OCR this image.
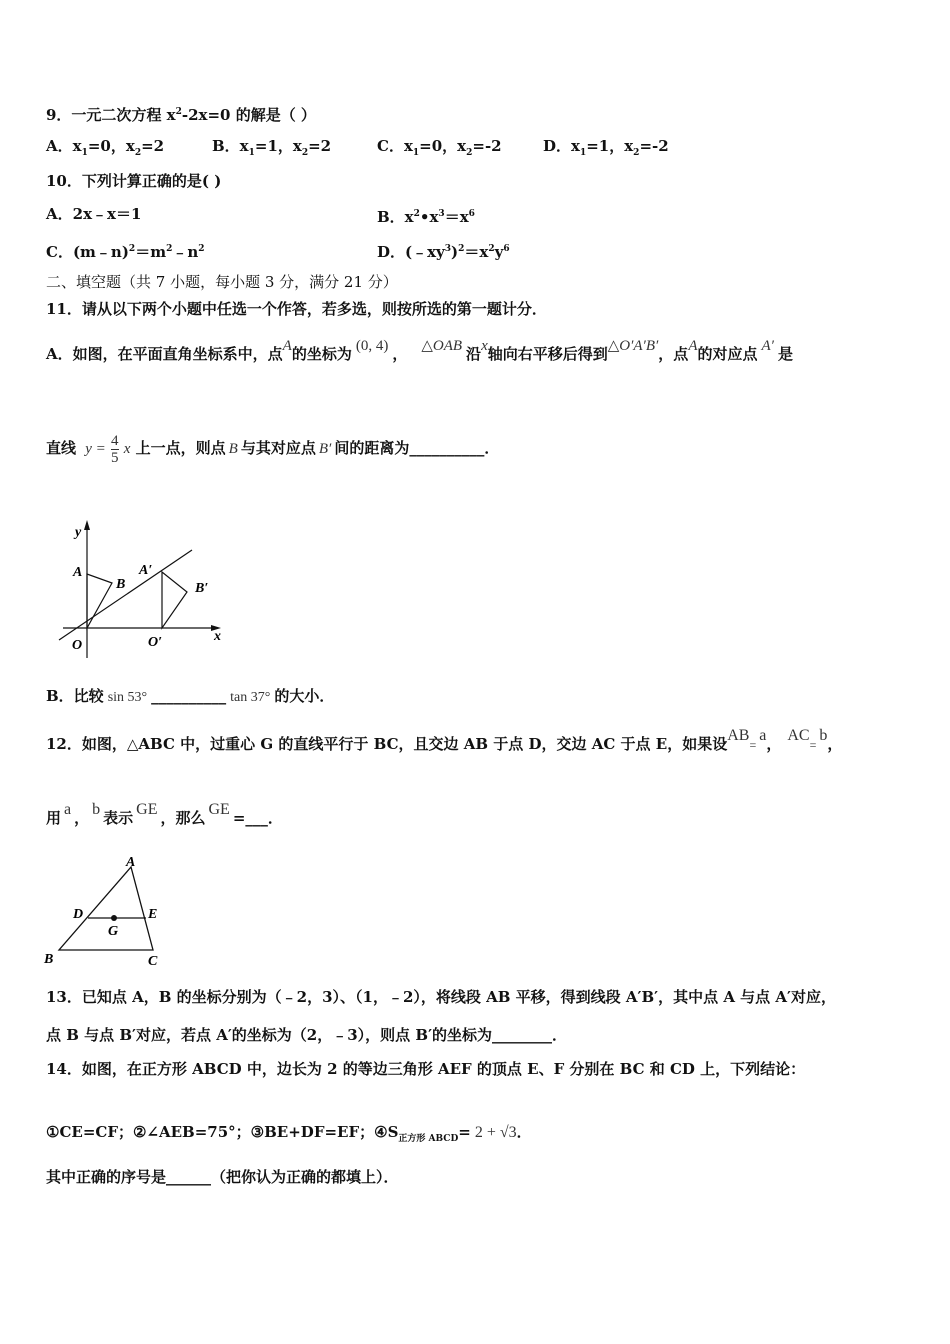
9．一元二次方程 $x^2-2x=0$ 的解是（ ）
A．$x_1=0$，$x_2=2$	B．$x_1=1$，$x_2=2$	C．$x_1=0$，$x_2=-2$	D．$x_1=1$，$x_2=-2$
10．下列计算正确的是( )
A．2x﹣x＝1	B．$x^2•x^3=x^6$
C．$(m﹣n)^2=m^2﹣n^2$	D．$(﹣xy^3)^2=x^2y^6$
二、填空题（共 7 小题，每小题 3 分，满分 21 分）
11．请从以下两个小题中任选一个作答，若多选，则按所选的第一题计分．
A．如图，在平面直角坐标系中，点A的坐标为 (0, 4) ， △OAB 沿x轴向右平移后得到△O′A′B′，点A的对应点 A′ 是
直线 $y = \frac{4}{5}$ x 上一点，则点 B 与其对应点 B′ 间的距离为__________．
y
x
A
B
O
A′
B′
O′
B．比较 sin 53° __________ tan 37° 的大小．
12．如图，△ABC 中，过重心 G 的直线平行于 BC，且交边 AB 于点 D，交边 AC 于点 E，如果设AB=a， AC=b，
用 a ， b 表示 GE ，那么 GE =___．
A
B	C
D	E
G
13．已知点 A，B 的坐标分别为（﹣2，3）、（1，﹣2），将线段 AB 平移，得到线段 A′B′，其中点 A 与点 A′对应，
点 B 与点 B′对应，若点 A′的坐标为（2，﹣3），则点 B′的坐标为________．
14．如图，在正方形 ABCD 中，边长为 2 的等边三角形 AEF 的顶点 E、F 分别在 BC 和 CD 上，下列结论：
①CE=CF；②∠AEB=75°；③BE+DF=EF；$④S_{正方形 ABCD}= 2 + √3$．
其中正确的序号是______（把你认为正确的都填上）．
